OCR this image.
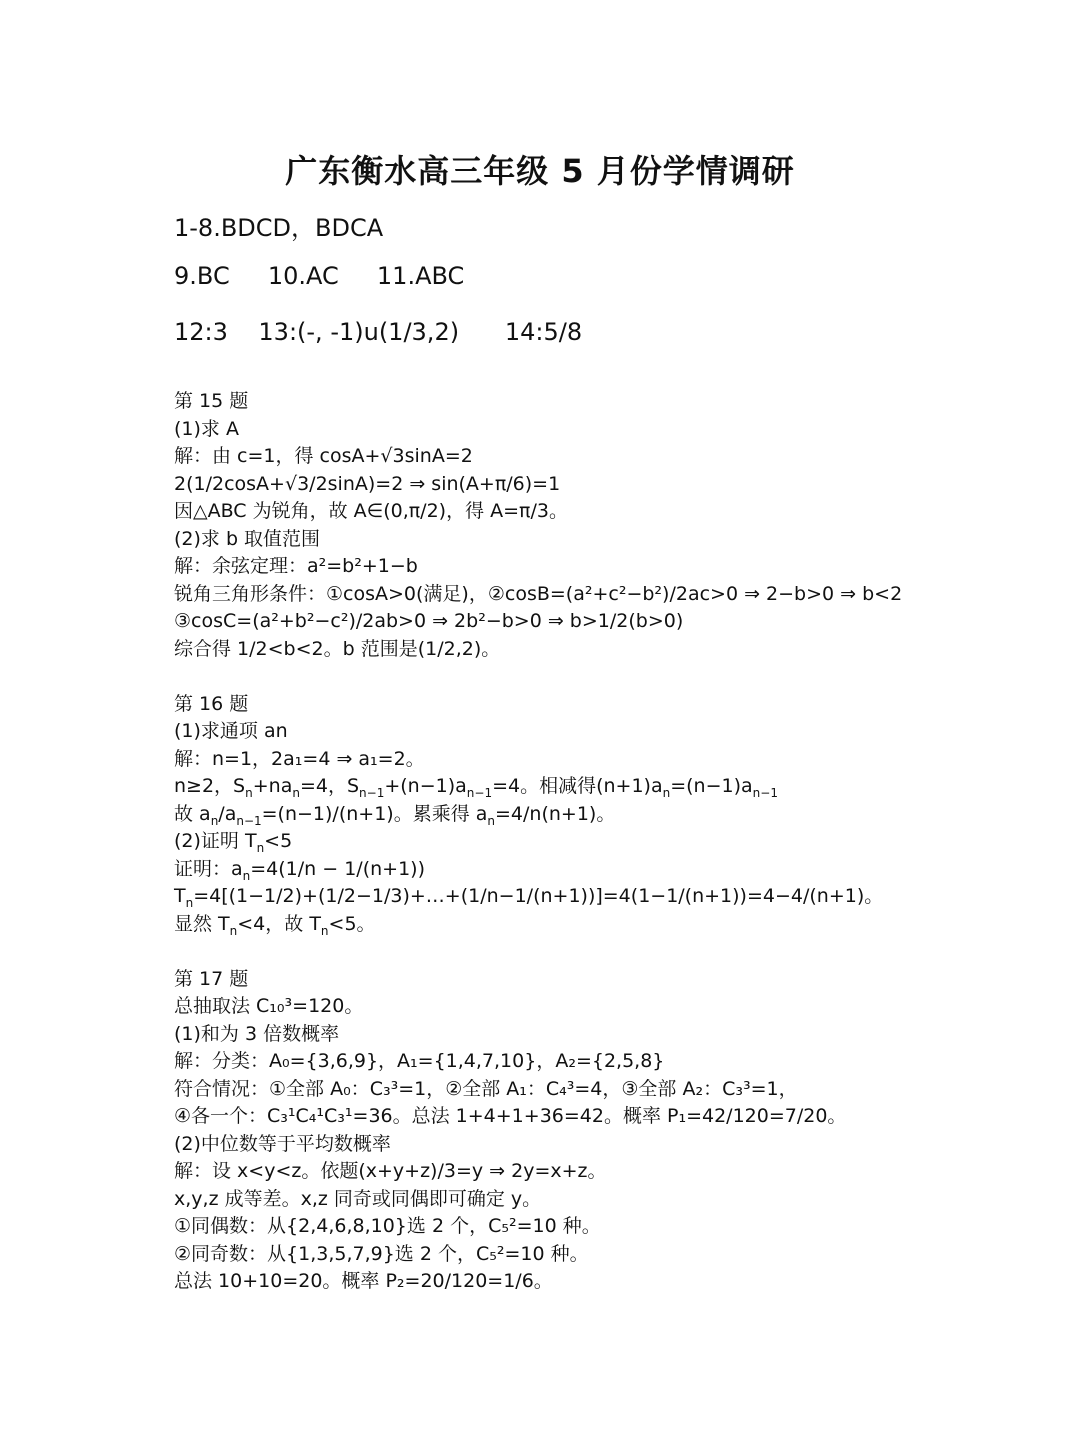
广东衡水高三年级 5 月份学情调研
1-8.BDCD，BDCA
9.BC     10.AC     11.ABC
12:3    13:(-, -1)u(1/3,2)      14:5/8
第 15 题
(1)求 A
解：由 c=1，得 cosA+√3sinA=2
2(1/2cosA+√3/2sinA)=2 ⇒ sin(A+π/6)=1
因△ABC 为锐角，故 A∈(0,π/2)，得 A=π/3。
(2)求 b 取值范围
解：余弦定理：a²=b²+1−b
锐角三角形条件：①cosA>0(满足)，②cosB=(a²+c²−b²)/2ac>0 ⇒ 2−b>0 ⇒ b<2
③cosC=(a²+b²−c²)/2ab>0 ⇒ 2b²−b>0 ⇒ b>1/2(b>0)
综合得 1/2<b<2。b 范围是(1/2,2)。
第 16 题
(1)求通项 an
解：n=1，2a₁=4 ⇒ a₁=2。
n≥2，$S_n+na_n=4$，$S_{n-1}+(n-1)a_{n-1}=4$。相减得$(n+1)a_n=(n-1)a_{n-1}$
故 $a_n/a_{n-1}=(n-1)/(n+1)$。累乘得 $a_n=4/n(n+1)$。
(2)证明 $T_n<5$
证明：$a_n=4(1/n - 1/(n+1))$
$T_n=4[(1-1/2)+(1/2-1/3)+\dots+(1/n-1/(n+1))]=4(1-1/(n+1))=4-4/(n+1)$。
显然 $T_n<4$，故 $T_n<5$。
第 17 题
总抽取法 C₁₀³=120。
(1)和为 3 倍数概率
解：分类：A₀={3,6,9}，A₁={1,4,7,10}，A₂={2,5,8}
符合情况：①全部 A₀：C₃³=1，②全部 A₁：C₄³=4，③全部 A₂：C₃³=1，
④各一个：C₃¹C₄¹C₃¹=36。总法 1+4+1+36=42。概率 P₁=42/120=7/20。
(2)中位数等于平均数概率
解：设 x<y<z。依题(x+y+z)/3=y ⇒ 2y=x+z。
x,y,z 成等差。x,z 同奇或同偶即可确定 y。
①同偶数：从{2,4,6,8,10}选 2 个，C₅²=10 种。
②同奇数：从{1,3,5,7,9}选 2 个，C₅²=10 种。
总法 10+10=20。概率 P₂=20/120=1/6。
